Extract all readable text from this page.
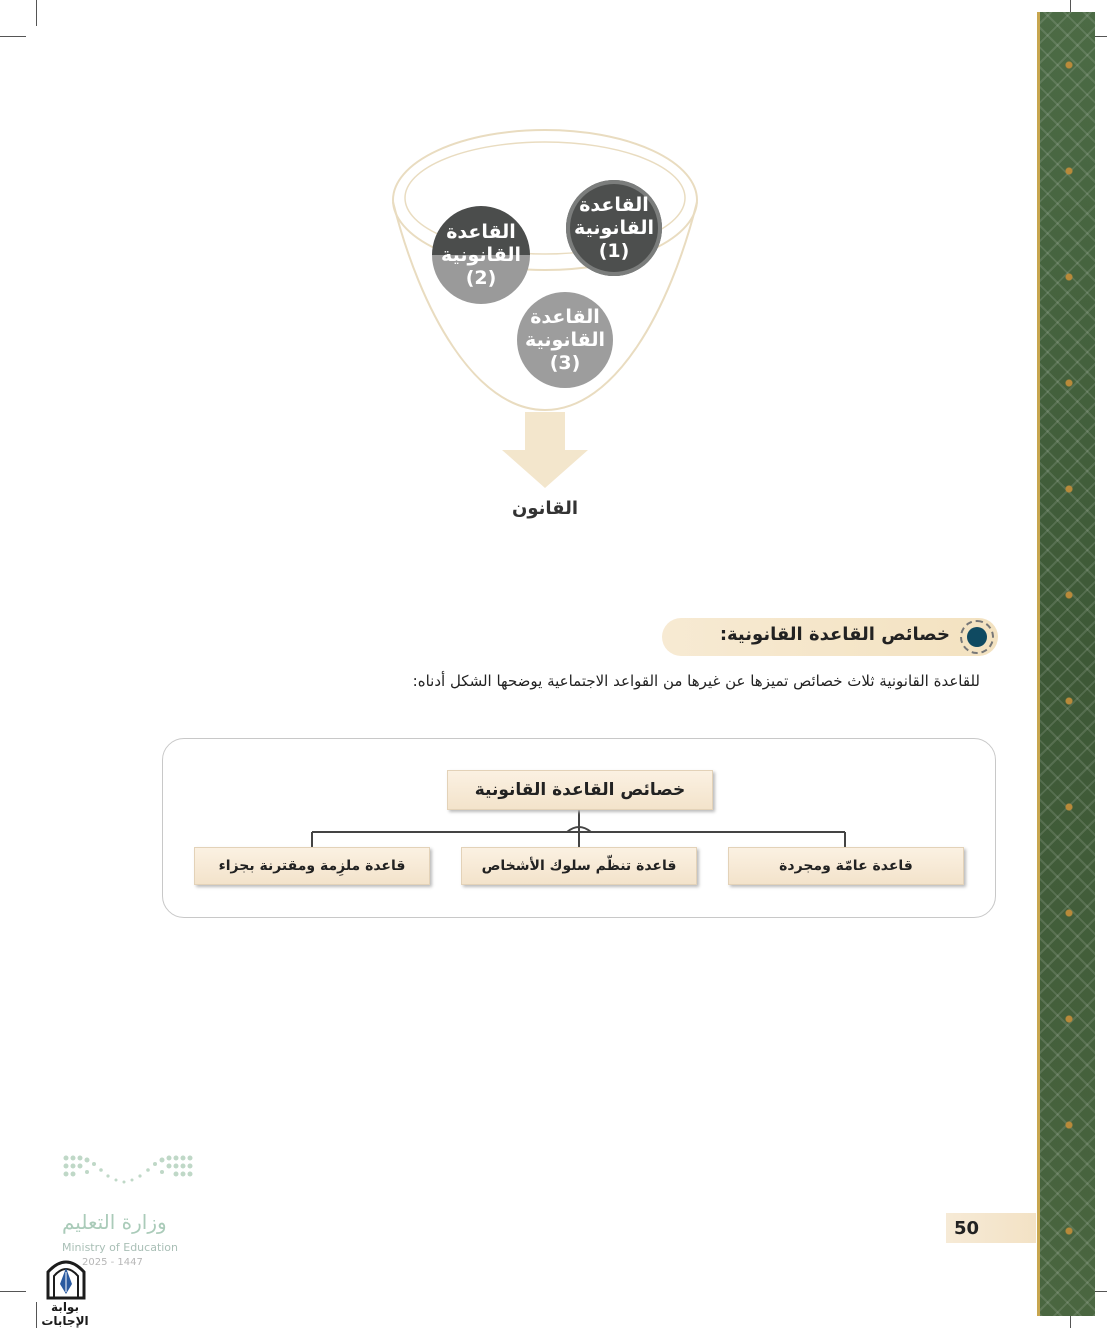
القاعدة
القانونية
(1)
القاعدة
القانونية
(2)
القاعدة
القانونية
(3)
القانون
خصائص القاعدة القانونية:
للقاعدة القانونية ثلاث خصائص تميزها عن غيرها من القواعد الاجتماعية يوضحها الشكل أدناه:
خصائص القاعدة القانونية
قاعدة عامّة ومجردة
قاعدة تنظّم سلوك الأشخاص
قاعدة ملزِمة ومقترنة بجزاء
50
وزارة التعليم
Ministry of Education
2025 - 1447
بوابة الإجابات
